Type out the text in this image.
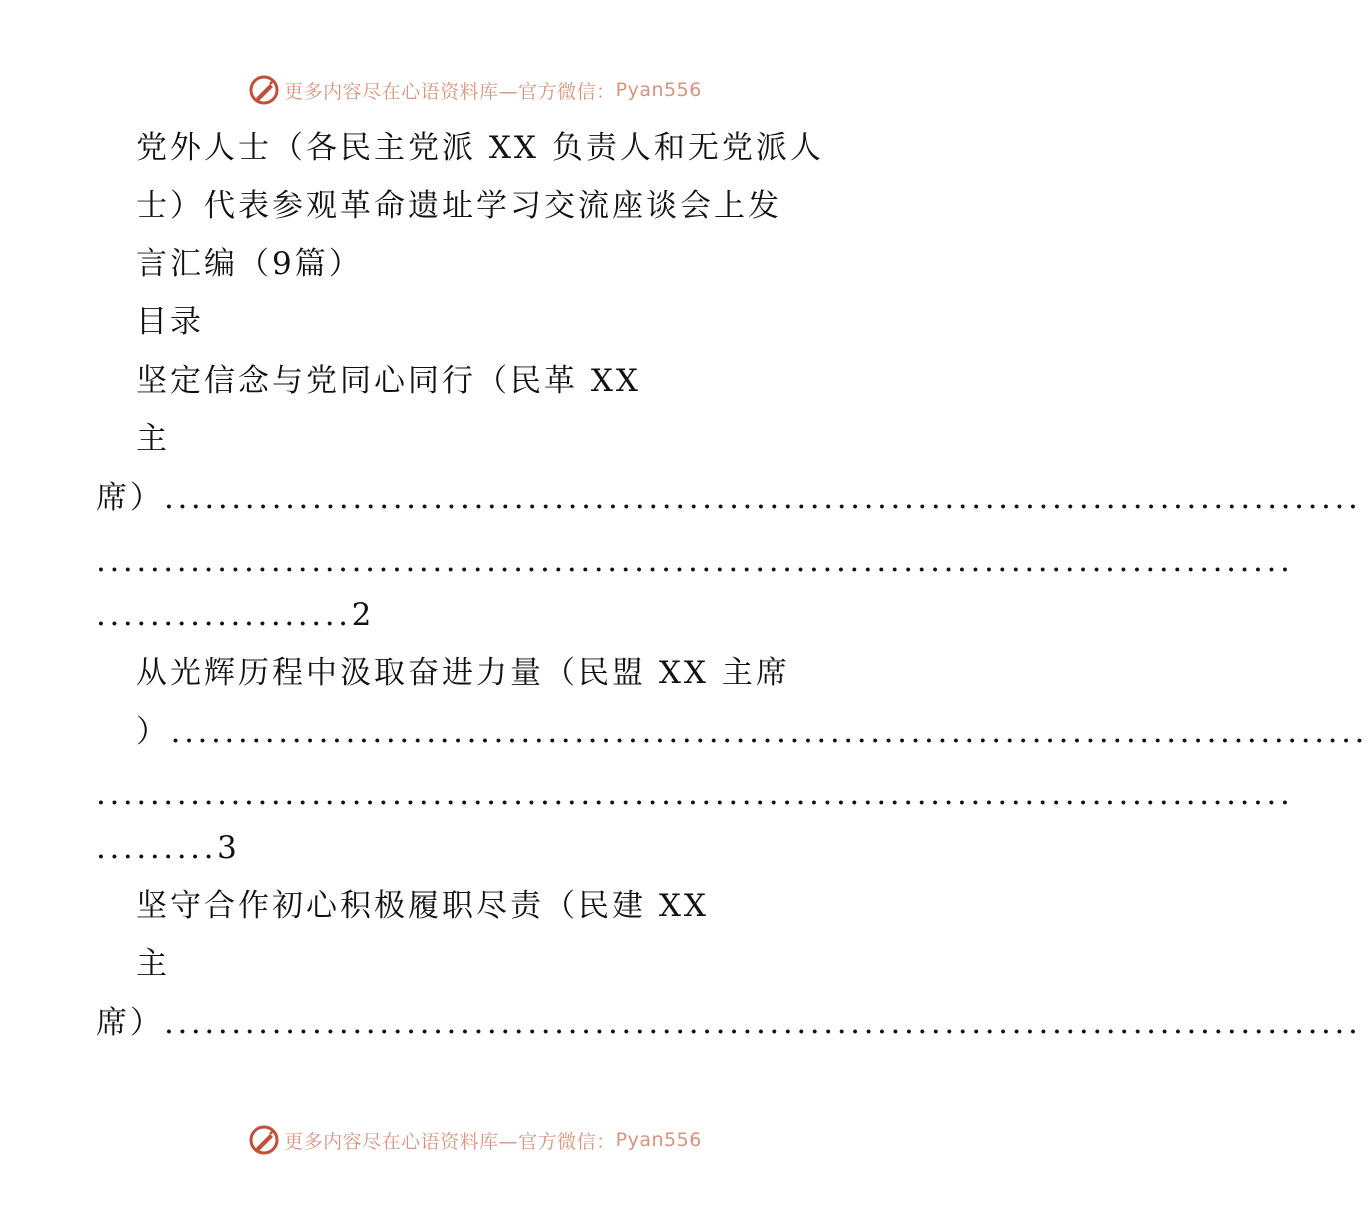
更多内容尽在心语资料库—官方微信： Pyan556
党外人士（各民主党派 XX 负责人和无党派人
士）代表参观革命遗址学习交流座谈会上发
言汇编（9篇）
目录
坚定信念与党同心同行（民革 XX
主
席）.........................................................................................
.........................................................................................
...................2
从光辉历程中汲取奋进力量（民盟 XX 主席
）.........................................................................................
.........................................................................................
.........3
坚守合作初心积极履职尽责（民建 XX
主
席）.........................................................................................
更多内容尽在心语资料库—官方微信： Pyan556
